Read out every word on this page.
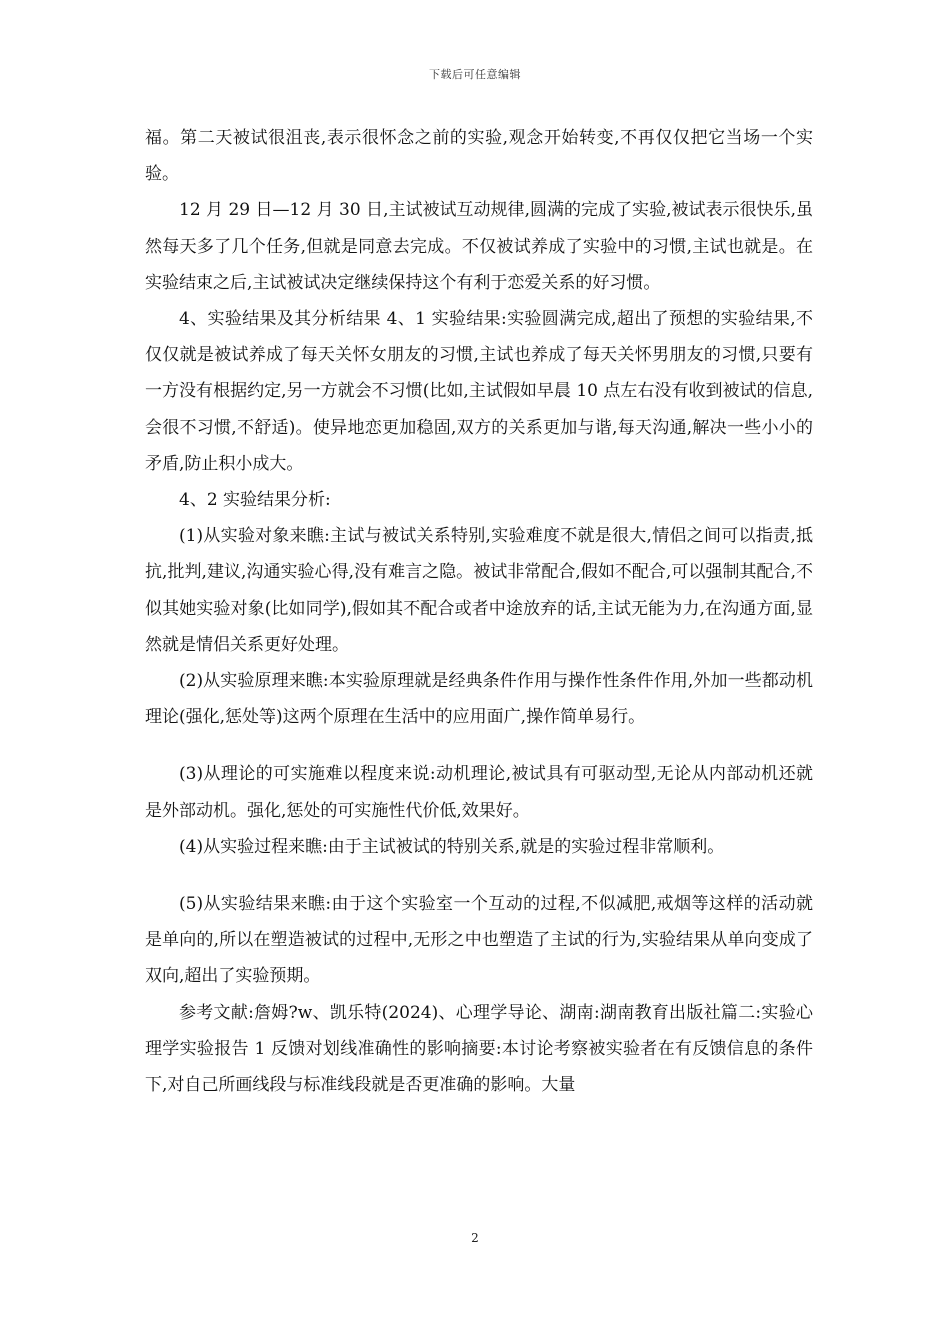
下载后可任意编辑

福。第二天被试很沮丧,表示很怀念之前的实验,观念开始转变,不再仅仅把它当场一个实验。

12 月 29 日—12 月 30 日,主试被试互动规律,圆满的完成了实验,被试表示很快乐,虽然每天多了几个任务,但就是同意去完成。不仅被试养成了实验中的习惯,主试也就是。在实验结束之后,主试被试决定继续保持这个有利于恋爱关系的好习惯。

4、实验结果及其分析结果 4、1 实验结果:实验圆满完成,超出了预想的实验结果,不仅仅就是被试养成了每天关怀女朋友的习惯,主试也养成了每天关怀男朋友的习惯,只要有一方没有根据约定,另一方就会不习惯(比如,主试假如早晨 10 点左右没有收到被试的信息,会很不习惯,不舒适)。使异地恋更加稳固,双方的关系更加与谐,每天沟通,解决一些小小的矛盾,防止积小成大。

4、2 实验结果分析:

(1)从实验对象来瞧:主试与被试关系特别,实验难度不就是很大,情侣之间可以指责,抵抗,批判,建议,沟通实验心得,没有难言之隐。被试非常配合,假如不配合,可以强制其配合,不似其她实验对象(比如同学),假如其不配合或者中途放弃的话,主试无能为力,在沟通方面,显然就是情侣关系更好处理。

(2)从实验原理来瞧:本实验原理就是经典条件作用与操作性条件作用,外加一些都动机理论(强化,惩处等)这两个原理在生活中的应用面广,操作简单易行。

(3)从理论的可实施难以程度来说:动机理论,被试具有可驱动型,无论从内部动机还就是外部动机。强化,惩处的可实施性代价低,效果好。

(4)从实验过程来瞧:由于主试被试的特别关系,就是的实验过程非常顺利。

(5)从实验结果来瞧:由于这个实验室一个互动的过程,不似减肥,戒烟等这样的活动就是单向的,所以在塑造被试的过程中,无形之中也塑造了主试的行为,实验结果从单向变成了双向,超出了实验预期。

参考文献:詹姆?w、凯乐特(2024)、心理学导论、湖南:湖南教育出版社篇二:实验心理学实验报告 1 反馈对划线准确性的影响摘要:本讨论考察被实验者在有反馈信息的条件下,对自己所画线段与标准线段就是否更准确的影响。大量

2
